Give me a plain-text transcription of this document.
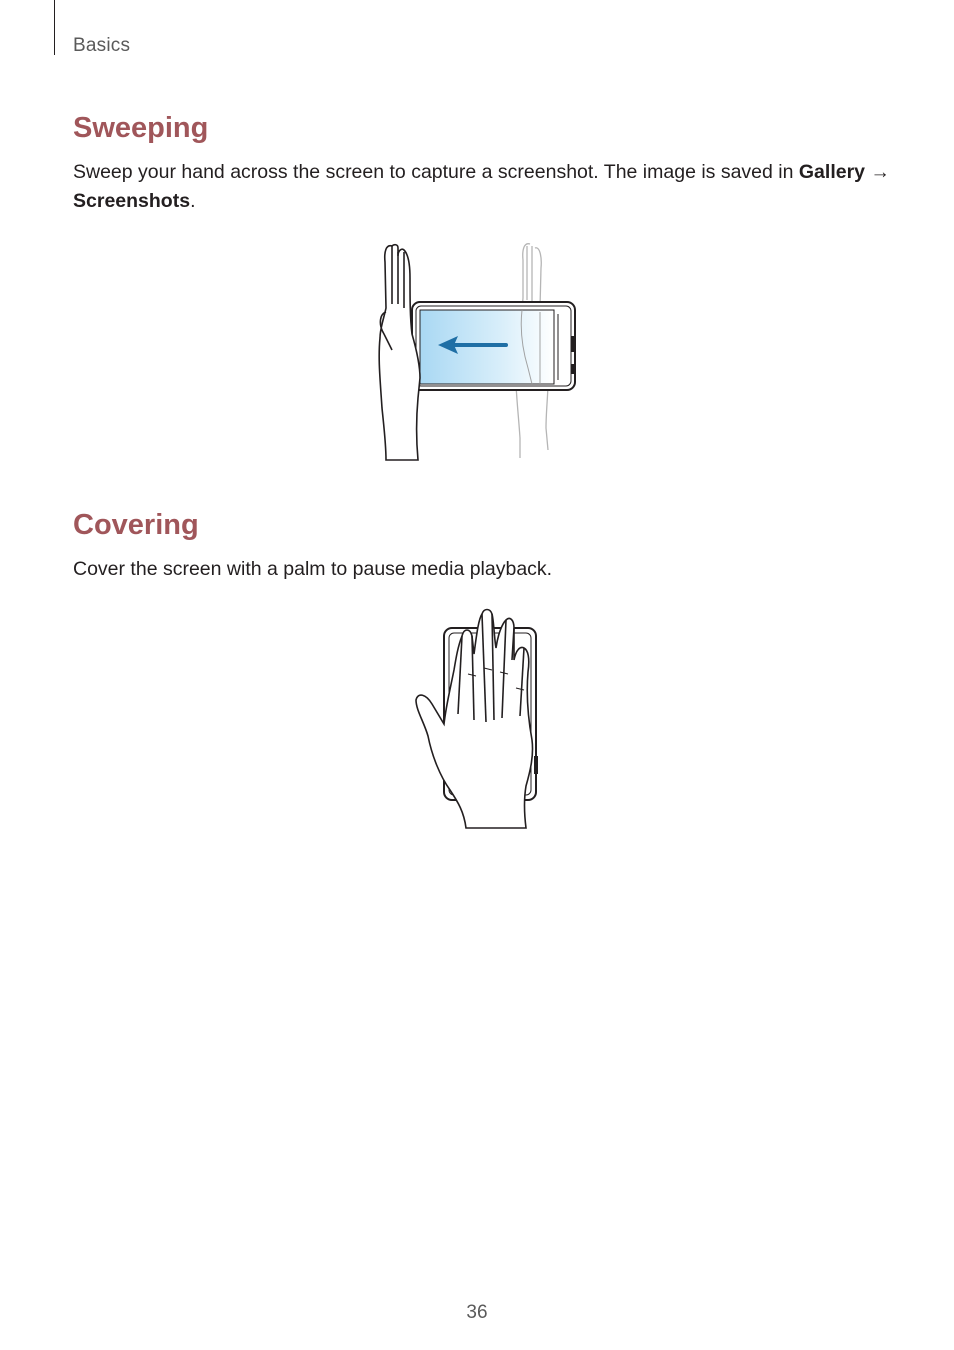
Basics
Sweeping

Sweep your hand across the screen to capture a screenshot. The image is saved in Gallery → Screenshots.

Covering

Cover the screen with a palm to pause media playback.

36
